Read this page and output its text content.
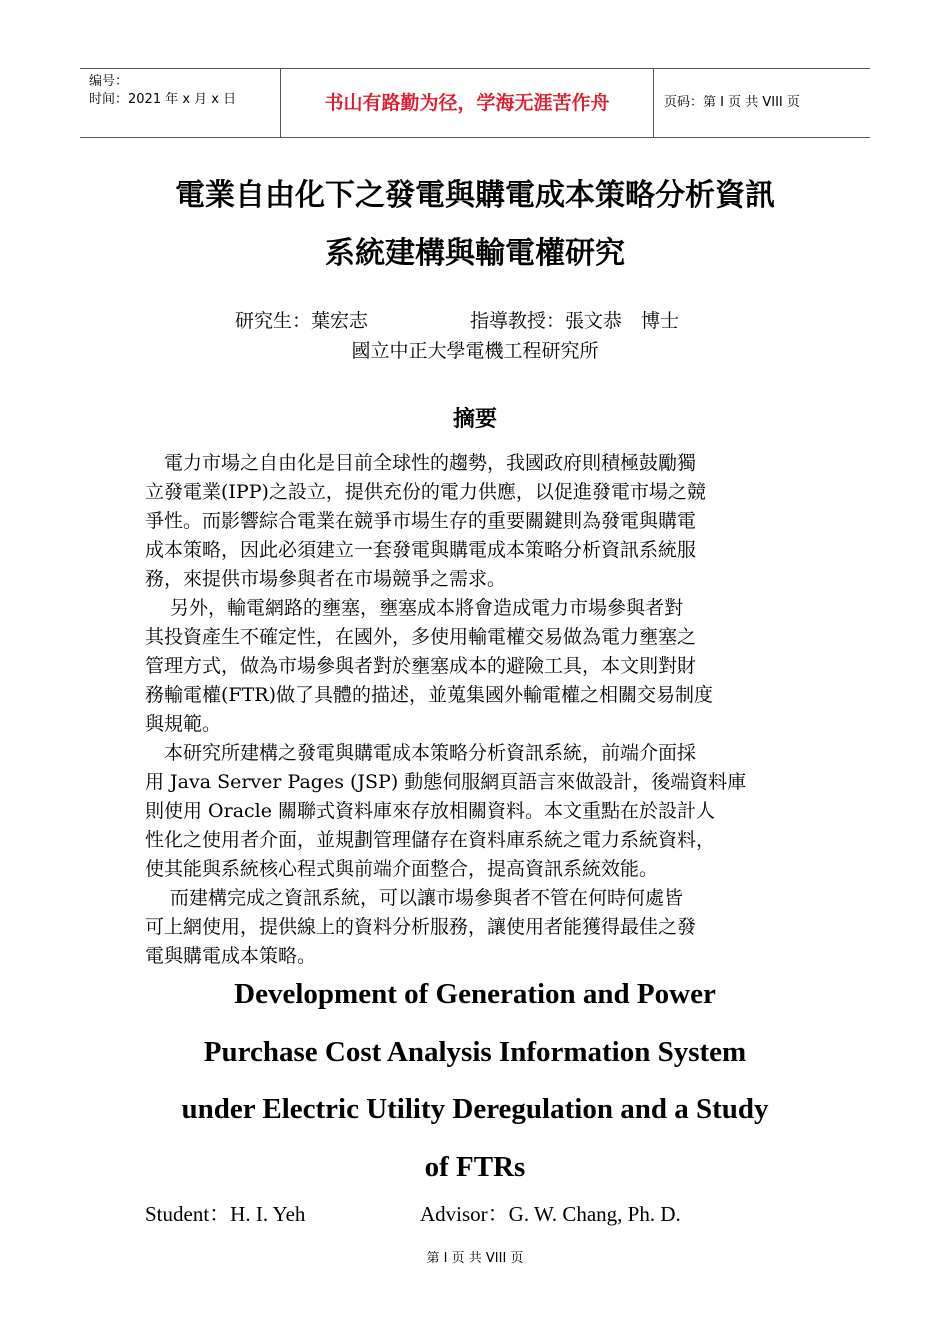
编号：
时间：2021 年 x 月 x 日	书山有路勤为径，学海无涯苦作舟	页码：第 I 页 共 VIII 页
電業自由化下之發電與購電成本策略分析資訊
系統建構與輸電權研究
研究生：葉宏志	指導教授：張文恭　博士
國立中正大學電機工程研究所
摘要

　電力市場之自由化是目前全球性的趨勢，我國政府則積極鼓勵獨

立發電業(IPP)之設立，提供充份的電力供應，以促進發電市場之競

爭性。而影響綜合電業在競爭市場生存的重要關鍵則為發電與購電

成本策略，因此必須建立一套發電與購電成本策略分析資訊系統服

務，來提供市場參與者在市場競爭之需求。

　 另外，輸電網路的壅塞，壅塞成本將會造成電力市場參與者對

其投資產生不確定性，在國外，多使用輸電權交易做為電力壅塞之

管理方式，做為市場參與者對於壅塞成本的避險工具，本文則對財

務輸電權(FTR)做了具體的描述，並蒐集國外輸電權之相關交易制度

與規範。

　本研究所建構之發電與購電成本策略分析資訊系統，前端介面採

用 Java Server Pages (JSP) 動態伺服網頁語言來做設計，後端資料庫

則使用 Oracle 關聯式資料庫來存放相關資料。本文重點在於設計人

性化之使用者介面，並規劃管理儲存在資料庫系統之電力系統資料，

使其能與系統核心程式與前端介面整合，提高資訊系統效能。

　 而建構完成之資訊系統，可以讓市場參與者不管在何時何處皆

可上網使用，提供線上的資料分析服務，讓使用者能獲得最佳之發

電與購電成本策略。

Development of Generation and Power
Purchase Cost Analysis Information System
under Electric Utility Deregulation and a Study
of FTRs
Student：H. I. Yeh	Advisor：G. W. Chang, Ph. D.
第 I 页 共 VIII 页
